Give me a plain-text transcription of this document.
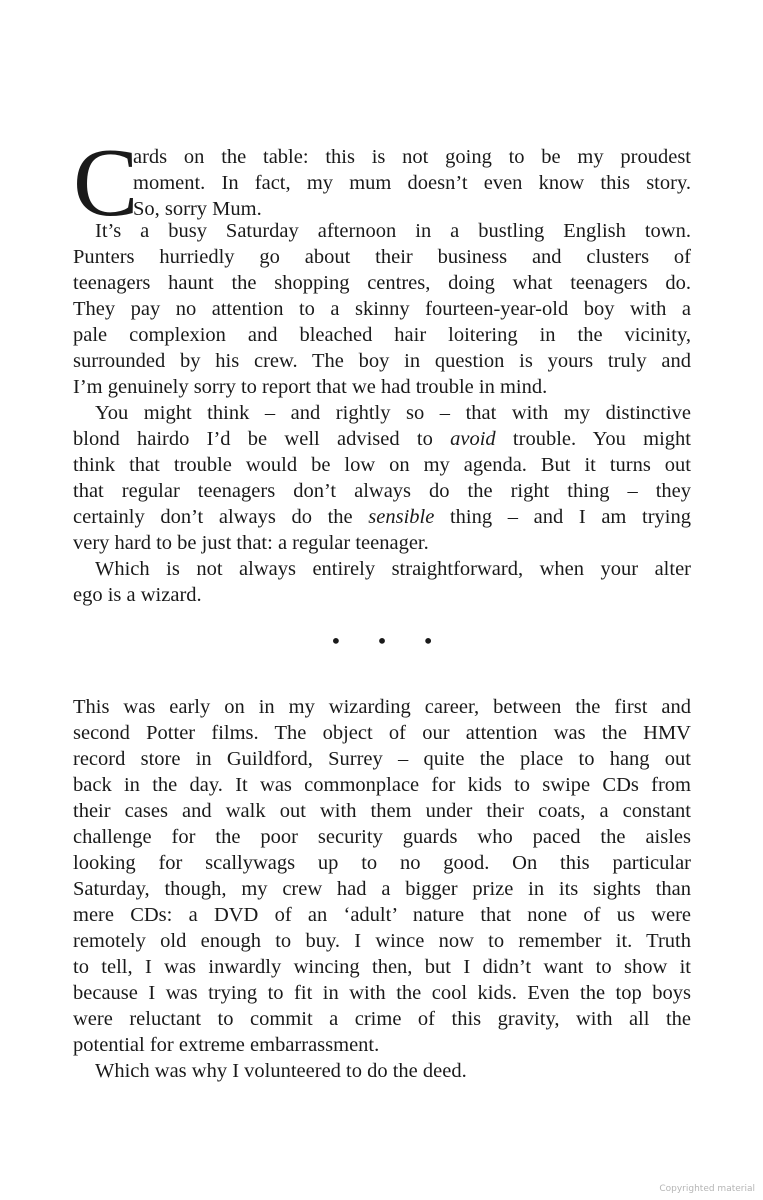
C
ards on the table: this is not going to be my proudest
moment. In fact, my mum doesn’t even know this story.
So, sorry Mum.
It’s a busy Saturday afternoon in a bustling English town.
Punters hurriedly go about their business and clusters of
teenagers haunt the shopping centres, doing what teenagers do.
They pay no attention to a skinny fourteen-year-old boy with a
pale complexion and bleached hair loitering in the vicinity,
surrounded by his crew. The boy in question is yours truly and
I’m genuinely sorry to report that we had trouble in mind.
You might think – and rightly so – that with my distinctive
blond hairdo I’d be well advised to avoid trouble. You might
think that trouble would be low on my agenda. But it turns out
that regular teenagers don’t always do the right thing – they
certainly don’t always do the sensible thing – and I am trying
very hard to be just that: a regular teenager.
Which is not always entirely straightforward, when your alter
ego is a wizard.
• • •
This was early on in my wizarding career, between the first and
second Potter films. The object of our attention was the HMV
record store in Guildford, Surrey – quite the place to hang out
back in the day. It was commonplace for kids to swipe CDs from
their cases and walk out with them under their coats, a constant
challenge for the poor security guards who paced the aisles
looking for scallywags up to no good. On this particular
Saturday, though, my crew had a bigger prize in its sights than
mere CDs: a DVD of an ‘adult’ nature that none of us were
remotely old enough to buy. I wince now to remember it. Truth
to tell, I was inwardly wincing then, but I didn’t want to show it
because I was trying to fit in with the cool kids. Even the top boys
were reluctant to commit a crime of this gravity, with all the
potential for extreme embarrassment.
Which was why I volunteered to do the deed.
Copyrighted material
